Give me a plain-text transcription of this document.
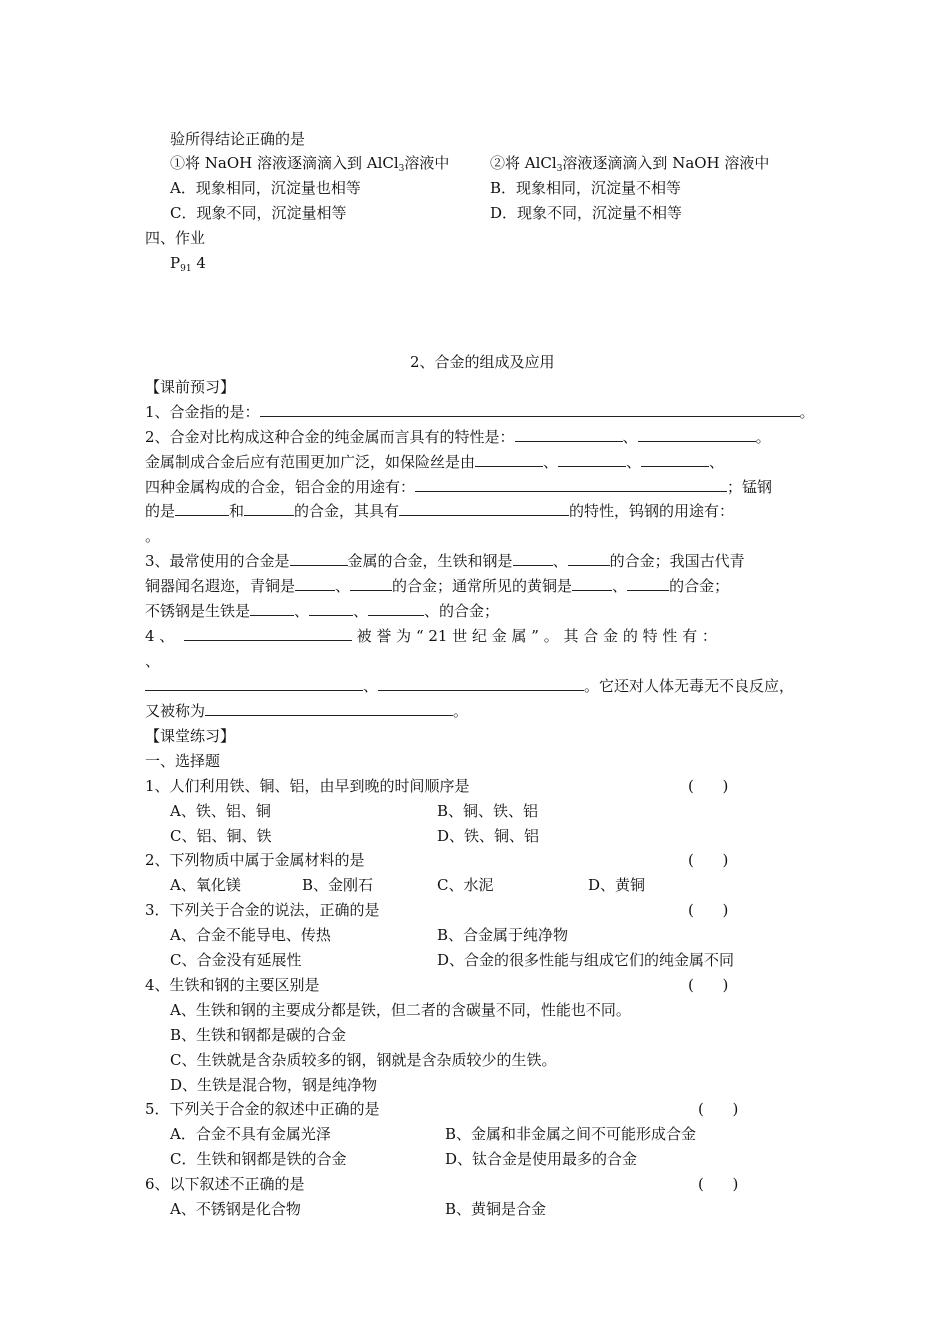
验所得结论正确的是
①将 NaOH 溶液逐滴滴入到 AlCl$_3$溶液中	②将 AlCl$_3$溶液逐滴滴入到 NaOH 溶液中
A．现象相同，沉淀量也相等	B．现象相同，沉淀量不相等
C．现象不同，沉淀量相等	D．现象不同，沉淀量不相等
四、作业
$P_{91}$ 4
2、合金的组成及应用
【课前预习】
1、合金指的是：	。
2、合金对比构成这种合金的纯金属而言具有的特性是：	、	。
金属制成合金后应有范围更加广泛，如保险丝是由	、	、	、
四种金属构成的合金，铝合金的用途有：	；锰钢
的是	和	的合金，其具有	的特性，钨钢的用途有：
。
3、最常使用的合金是	金属的合金，生铁和钢是	、	的合金；我国古代青
铜器闻名遐迩，青铜是	、	的合金；通常所见的黄铜是	、	的合金；
不锈钢是生铁是	、	、	、的合金；
4 、	被 誉 为 “ 21 世 纪 金 属 ” 。 其 合 金 的 特 性 有 ：
、
、	。它还对人体无毒无不良反应，
又被称为	。
【课堂练习】
一、选择题
1、人们利用铁、铜、铝，由早到晚的时间顺序是	(      )
A、铁、铝、铜	B、铜、铁、铝
C、铝、铜、铁	D、铁、铜、铝
2、下列物质中属于金属材料的是	(      )
A、氧化镁	B、金刚石	C、水泥	D、黄铜
3．下列关于合金的说法，正确的是	(      )
A、合金不能导电、传热	B、合金属于纯净物
C、合金没有延展性	D、合金的很多性能与组成它们的纯金属不同
4、生铁和钢的主要区别是	(      )
A、生铁和钢的主要成分都是铁，但二者的含碳量不同，性能也不同。
B、生铁和钢都是碳的合金
C、生铁就是含杂质较多的钢，钢就是含杂质较少的生铁。
D、生铁是混合物，钢是纯净物
5．下列关于合金的叙述中正确的是	(      )
A．合金不具有金属光泽	B、金属和非金属之间不可能形成合金
C．生铁和钢都是铁的合金	D、钛合金是使用最多的合金
6、以下叙述不正确的是	(      )
A、不锈钢是化合物	B、黄铜是合金
